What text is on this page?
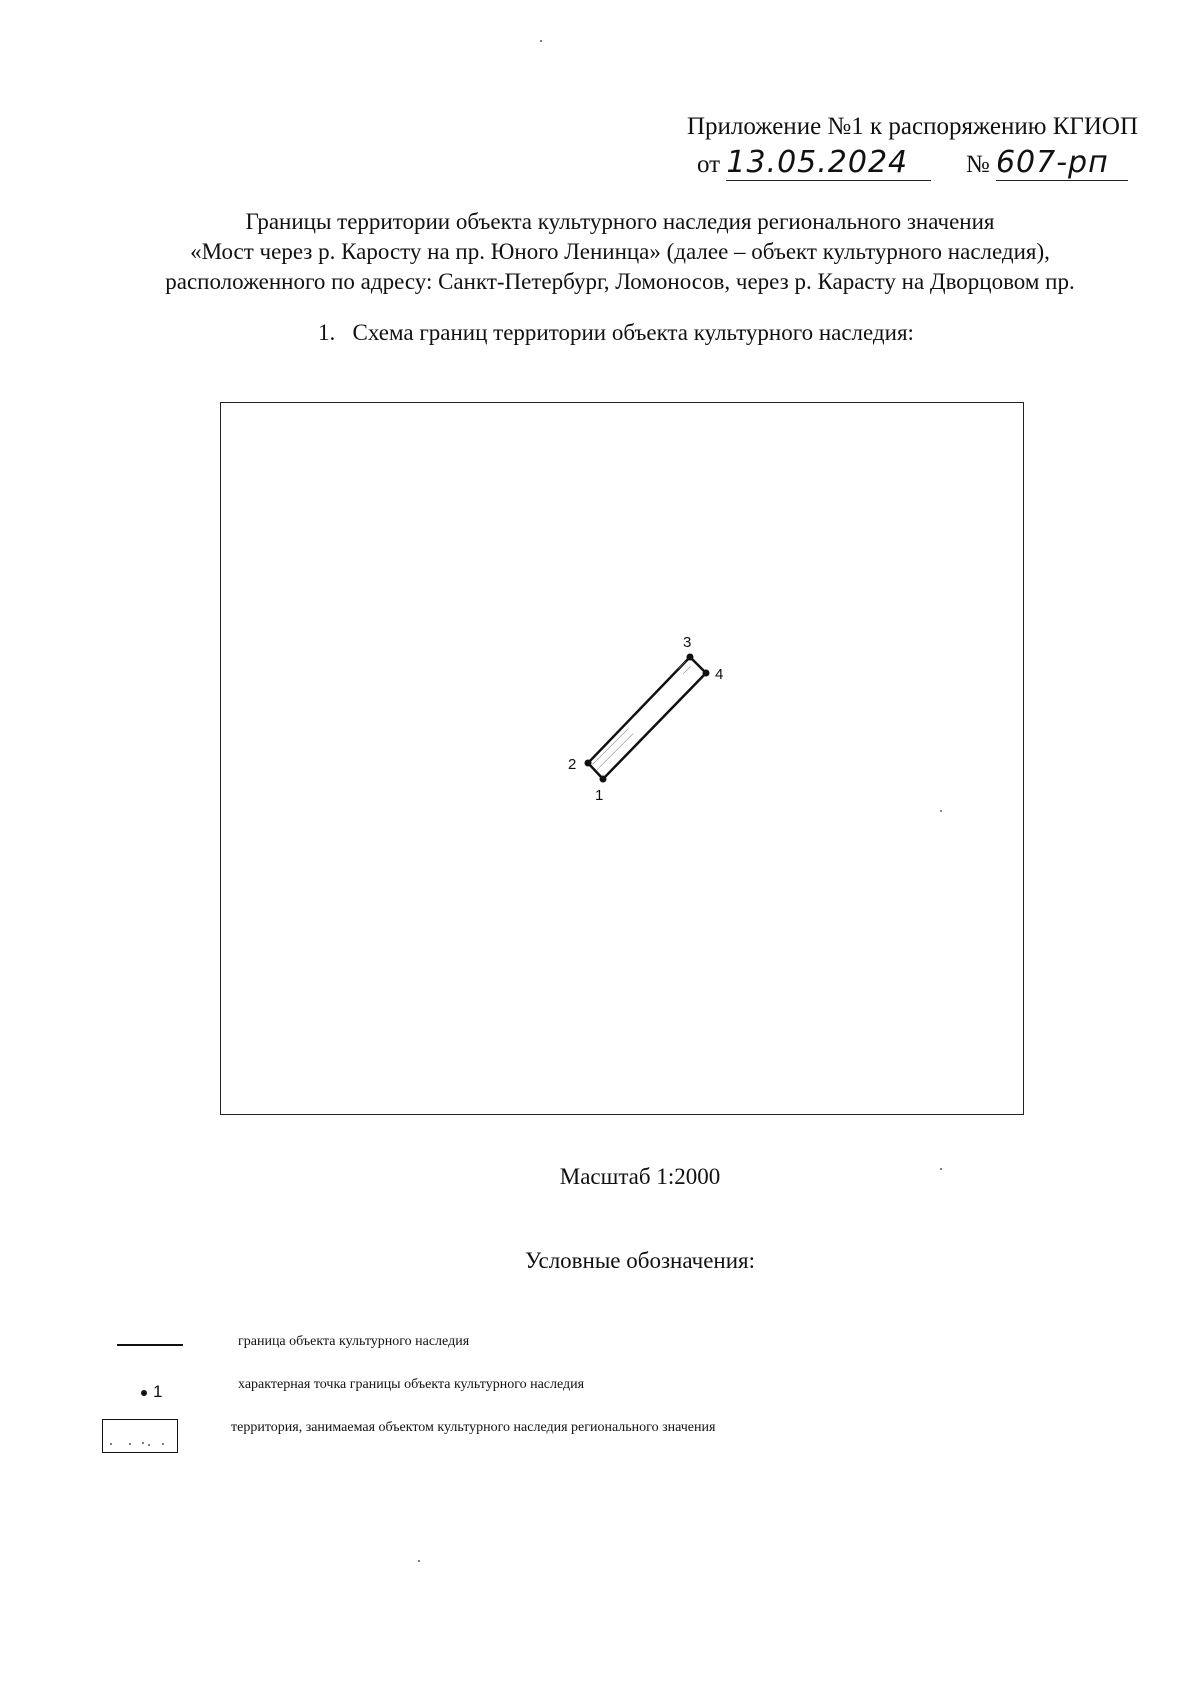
Приложение №1 к распоряжению КГИОП
от 13.05.2024 № 607-рп
Границы территории объекта культурного наследия регионального значения
«Мост через р. Каросту на пр. Юного Ленинца» (далее – объект культурного наследия),
расположенного по адресу: Санкт-Петербург, Ломоносов, через р. Карасту на Дворцовом пр.
1. Схема границ территории объекта культурного наследия:
1
2
3
4
Масштаб 1:2000
Условные обозначения:
граница объекта культурного наследия
1	характерная точка границы объекта культурного наследия
территория, занимаемая объектом культурного наследия регионального значения
